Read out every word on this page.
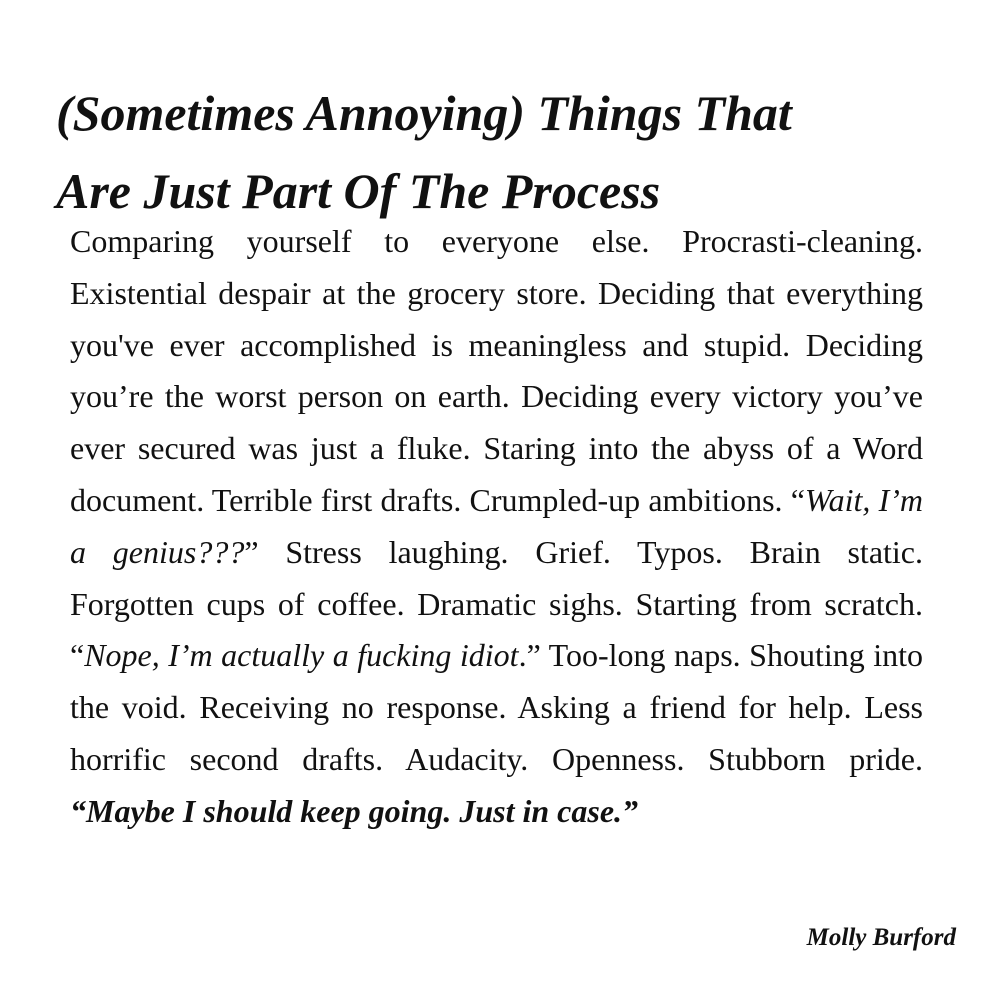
(Sometimes Annoying) Things That
Are Just Part Of The Process

Comparing yourself to everyone else. Procrasti-cleaning. Existential despair at the grocery store. Deciding that everything you've ever accomplished is meaningless and stupid. Deciding you’re the worst person on earth. Deciding every victory you’ve ever secured was just a fluke. Staring into the abyss of a Word document. Terrible first drafts. Crumpled-up ambitions. “Wait, I’m a genius???” Stress laughing. Grief. Typos. Brain static. Forgotten cups of coffee. Dramatic sighs. Starting from scratch. “Nope, I’m actually a fucking idiot.” Too-long naps. Shouting into the void. Receiving no response. Asking a friend for help. Less horrific second drafts. Audacity. Openness. Stubborn pride. “Maybe I should keep going. Just in case.”

Molly Burford
